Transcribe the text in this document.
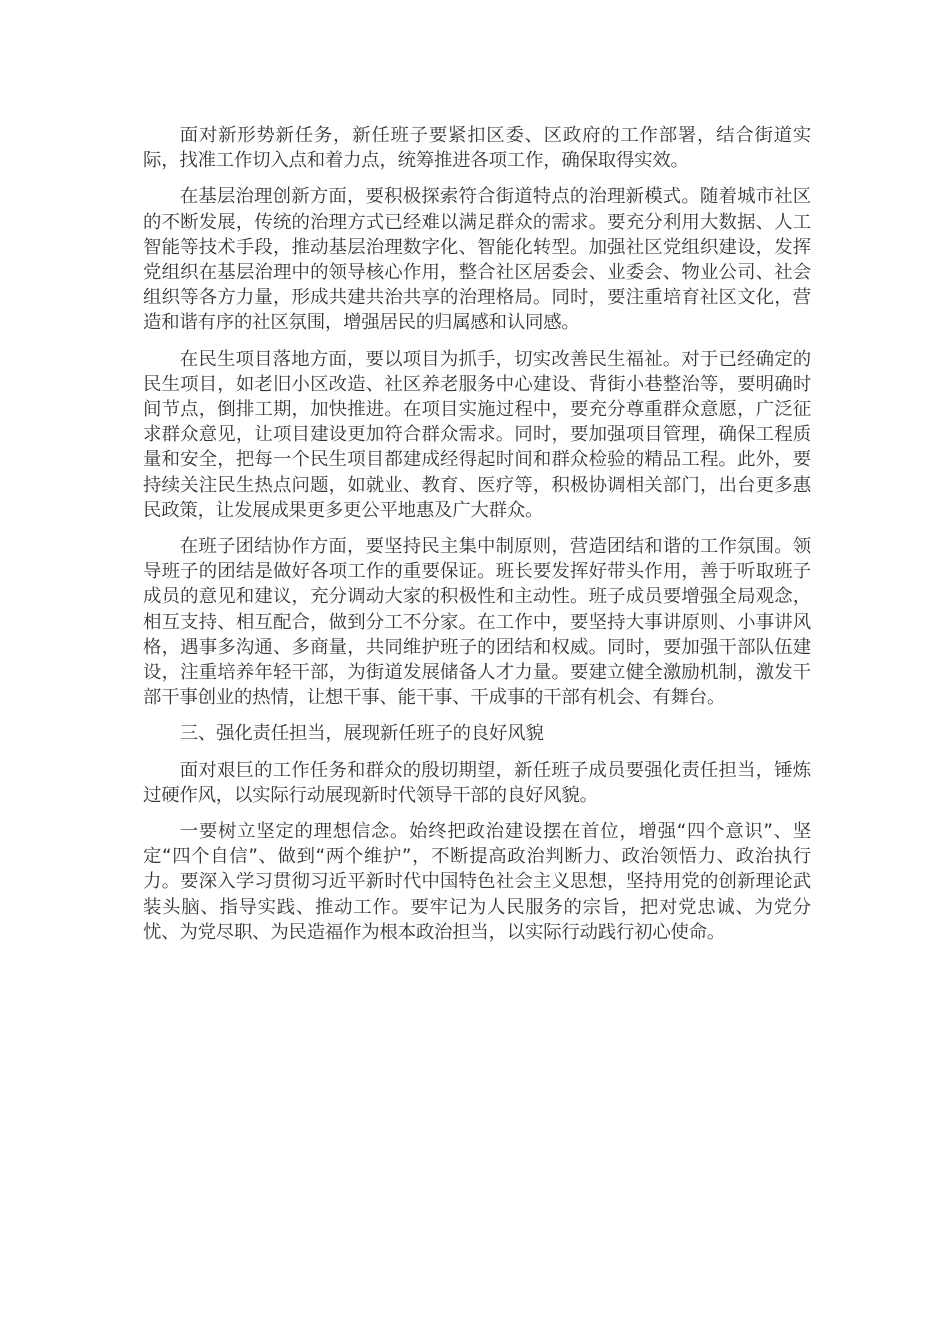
面对新形势新任务，新任班子要紧扣区委、区政府的工作部署，结合街道实际，找准工作切入点和着力点，统筹推进各项工作，确保取得实效。

在基层治理创新方面，要积极探索符合街道特点的治理新模式。随着城市社区的不断发展，传统的治理方式已经难以满足群众的需求。要充分利用大数据、人工智能等技术手段，推动基层治理数字化、智能化转型。加强社区党组织建设，发挥党组织在基层治理中的领导核心作用，整合社区居委会、业委会、物业公司、社会组织等各方力量，形成共建共治共享的治理格局。同时，要注重培育社区文化，营造和谐有序的社区氛围，增强居民的归属感和认同感。

在民生项目落地方面，要以项目为抓手，切实改善民生福祉。对于已经确定的民生项目，如老旧小区改造、社区养老服务中心建设、背街小巷整治等，要明确时间节点，倒排工期，加快推进。在项目实施过程中，要充分尊重群众意愿，广泛征求群众意见，让项目建设更加符合群众需求。同时，要加强项目管理，确保工程质量和安全，把每一个民生项目都建成经得起时间和群众检验的精品工程。此外，要持续关注民生热点问题，如就业、教育、医疗等，积极协调相关部门，出台更多惠民政策，让发展成果更多更公平地惠及广大群众。

在班子团结协作方面，要坚持民主集中制原则，营造团结和谐的工作氛围。领导班子的团结是做好各项工作的重要保证。班长要发挥好带头作用，善于听取班子成员的意见和建议，充分调动大家的积极性和主动性。班子成员要增强全局观念，相互支持、相互配合，做到分工不分家。在工作中，要坚持大事讲原则、小事讲风格，遇事多沟通、多商量，共同维护班子的团结和权威。同时，要加强干部队伍建设，注重培养年轻干部，为街道发展储备人才力量。要建立健全激励机制，激发干部干事创业的热情，让想干事、能干事、干成事的干部有机会、有舞台。

三、强化责任担当，展现新任班子的良好风貌

面对艰巨的工作任务和群众的殷切期望，新任班子成员要强化责任担当，锤炼过硬作风，以实际行动展现新时代领导干部的良好风貌。

一要树立坚定的理想信念。始终把政治建设摆在首位，增强“四个意识”、坚定“四个自信”、做到“两个维护”，不断提高政治判断力、政治领悟力、政治执行力。要深入学习贯彻习近平新时代中国特色社会主义思想，坚持用党的创新理论武装头脑、指导实践、推动工作。要牢记为人民服务的宗旨，把对党忠诚、为党分忧、为党尽职、为民造福作为根本政治担当，以实际行动践行初心使命。
